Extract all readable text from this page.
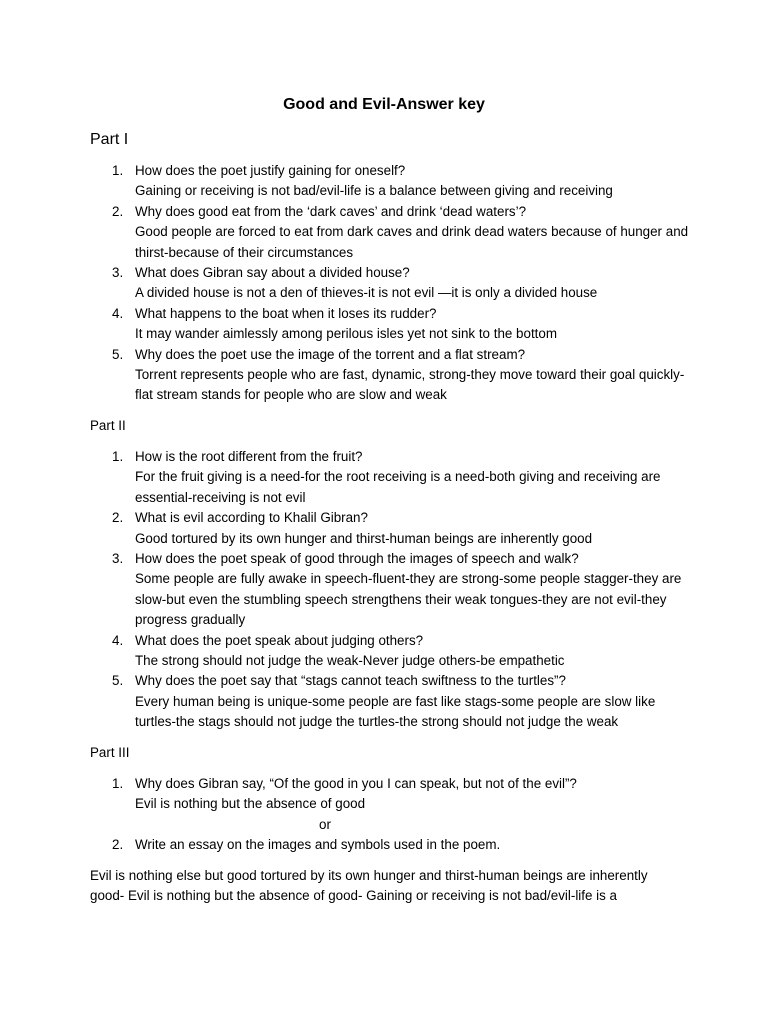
Good and Evil-Answer key
Part I
1. How does the poet justify gaining for oneself?
Gaining or receiving is not bad/evil-life is a balance between giving and receiving
2. Why does good eat from the ‘dark caves’ and drink ‘dead waters’?
Good people are forced to eat from dark caves and drink dead waters because of hunger and thirst-because of their circumstances
3. What does Gibran say about a divided house?
A divided house is not a den of thieves-it is not evil —it is only a divided house
4. What happens to the boat when it loses its rudder?
It may wander aimlessly among perilous isles yet not sink to the bottom
5. Why does the poet use the image of the torrent and a flat stream?
Torrent represents people who are fast, dynamic, strong-they move toward their goal quickly-flat stream stands for people who are slow and weak
Part II
1. How is the root different from the fruit?
For the fruit giving is a need-for the root receiving is a need-both giving and receiving are essential-receiving is not evil
2. What is evil according to Khalil Gibran?
Good tortured by its own hunger and thirst-human beings are inherently good
3. How does the poet speak of good through the images of speech and walk?
Some people are fully awake in speech-fluent-they are strong-some people stagger-they are slow-but even the stumbling speech strengthens their weak tongues-they are not evil-they progress gradually
4. What does the poet speak about judging others?
The strong should not judge the weak-Never judge others-be empathetic
5. Why does the poet say that “stags cannot teach swiftness to the turtles”?
Every human being is unique-some people are fast like stags-some people are slow like turtles-the stags should not judge the turtles-the strong should not judge the weak
Part III
1. Why does Gibran say, “Of the good in you I can speak, but not of the evil”?
Evil is nothing but the absence of good
or
2. Write an essay on the images and symbols used in the poem.

Evil is nothing else but good tortured by its own hunger and thirst-human beings are inherently good- Evil is nothing but the absence of good- Gaining or receiving is not bad/evil-life is a
